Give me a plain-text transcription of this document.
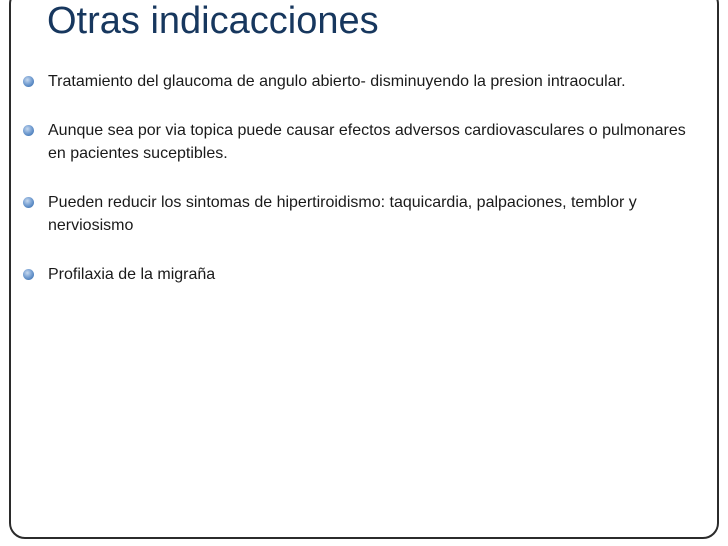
Otras indicacciones
Tratamiento del glaucoma de angulo abierto- disminuyendo la presion intraocular.
Aunque sea por via topica puede causar efectos adversos cardiovasculares o pulmonares en pacientes suceptibles.
Pueden reducir los sintomas de hipertiroidismo: taquicardia, palpaciones, temblor y nerviosismo
Profilaxia de la migraña
